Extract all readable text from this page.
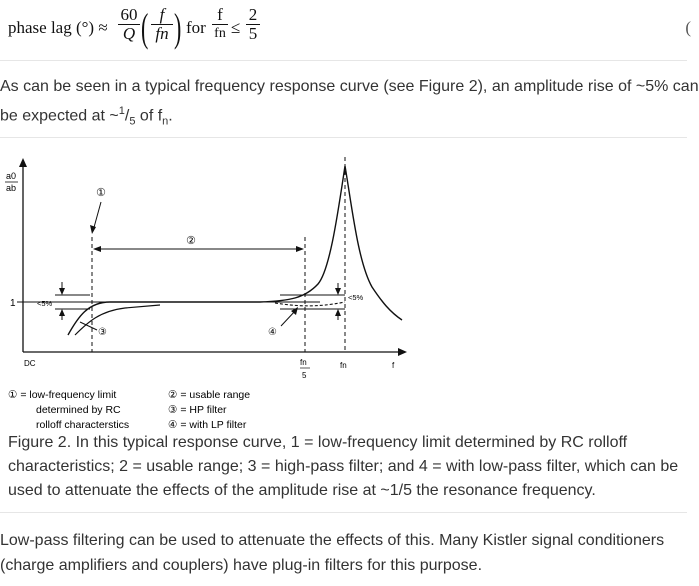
phase lag (°) ≈ $\frac{60}{Q}$ ( $\frac{f}{fn}$ ) for
f
fn ≤ $\frac{2}{5}$	(
As can be seen in a typical frequency response curve (see Figure 2), an amplitude rise of ~5% can
be expected at $\sim^1/_5$ of $f_n$.
a0
ab
1
②
①
<5%
③
<5%
④
DC	fn
5
fn	f
① = low-frequency limit
determined by RC
rolloff characterstics
② = usable range
③ = HP filter
④ = with LP filter
Figure 2. In this typical response curve, 1 = low-frequency limit determined by RC rolloff characteristics; 2 = usable range; 3 = high-pass filter; and 4 = with low-pass filter, which can be used to attenuate the effects of the amplitude rise at ~1/5 the resonance frequency.
Low-pass filtering can be used to attenuate the effects of this. Many Kistler signal conditioners
(charge amplifiers and couplers) have plug-in filters for this purpose.
